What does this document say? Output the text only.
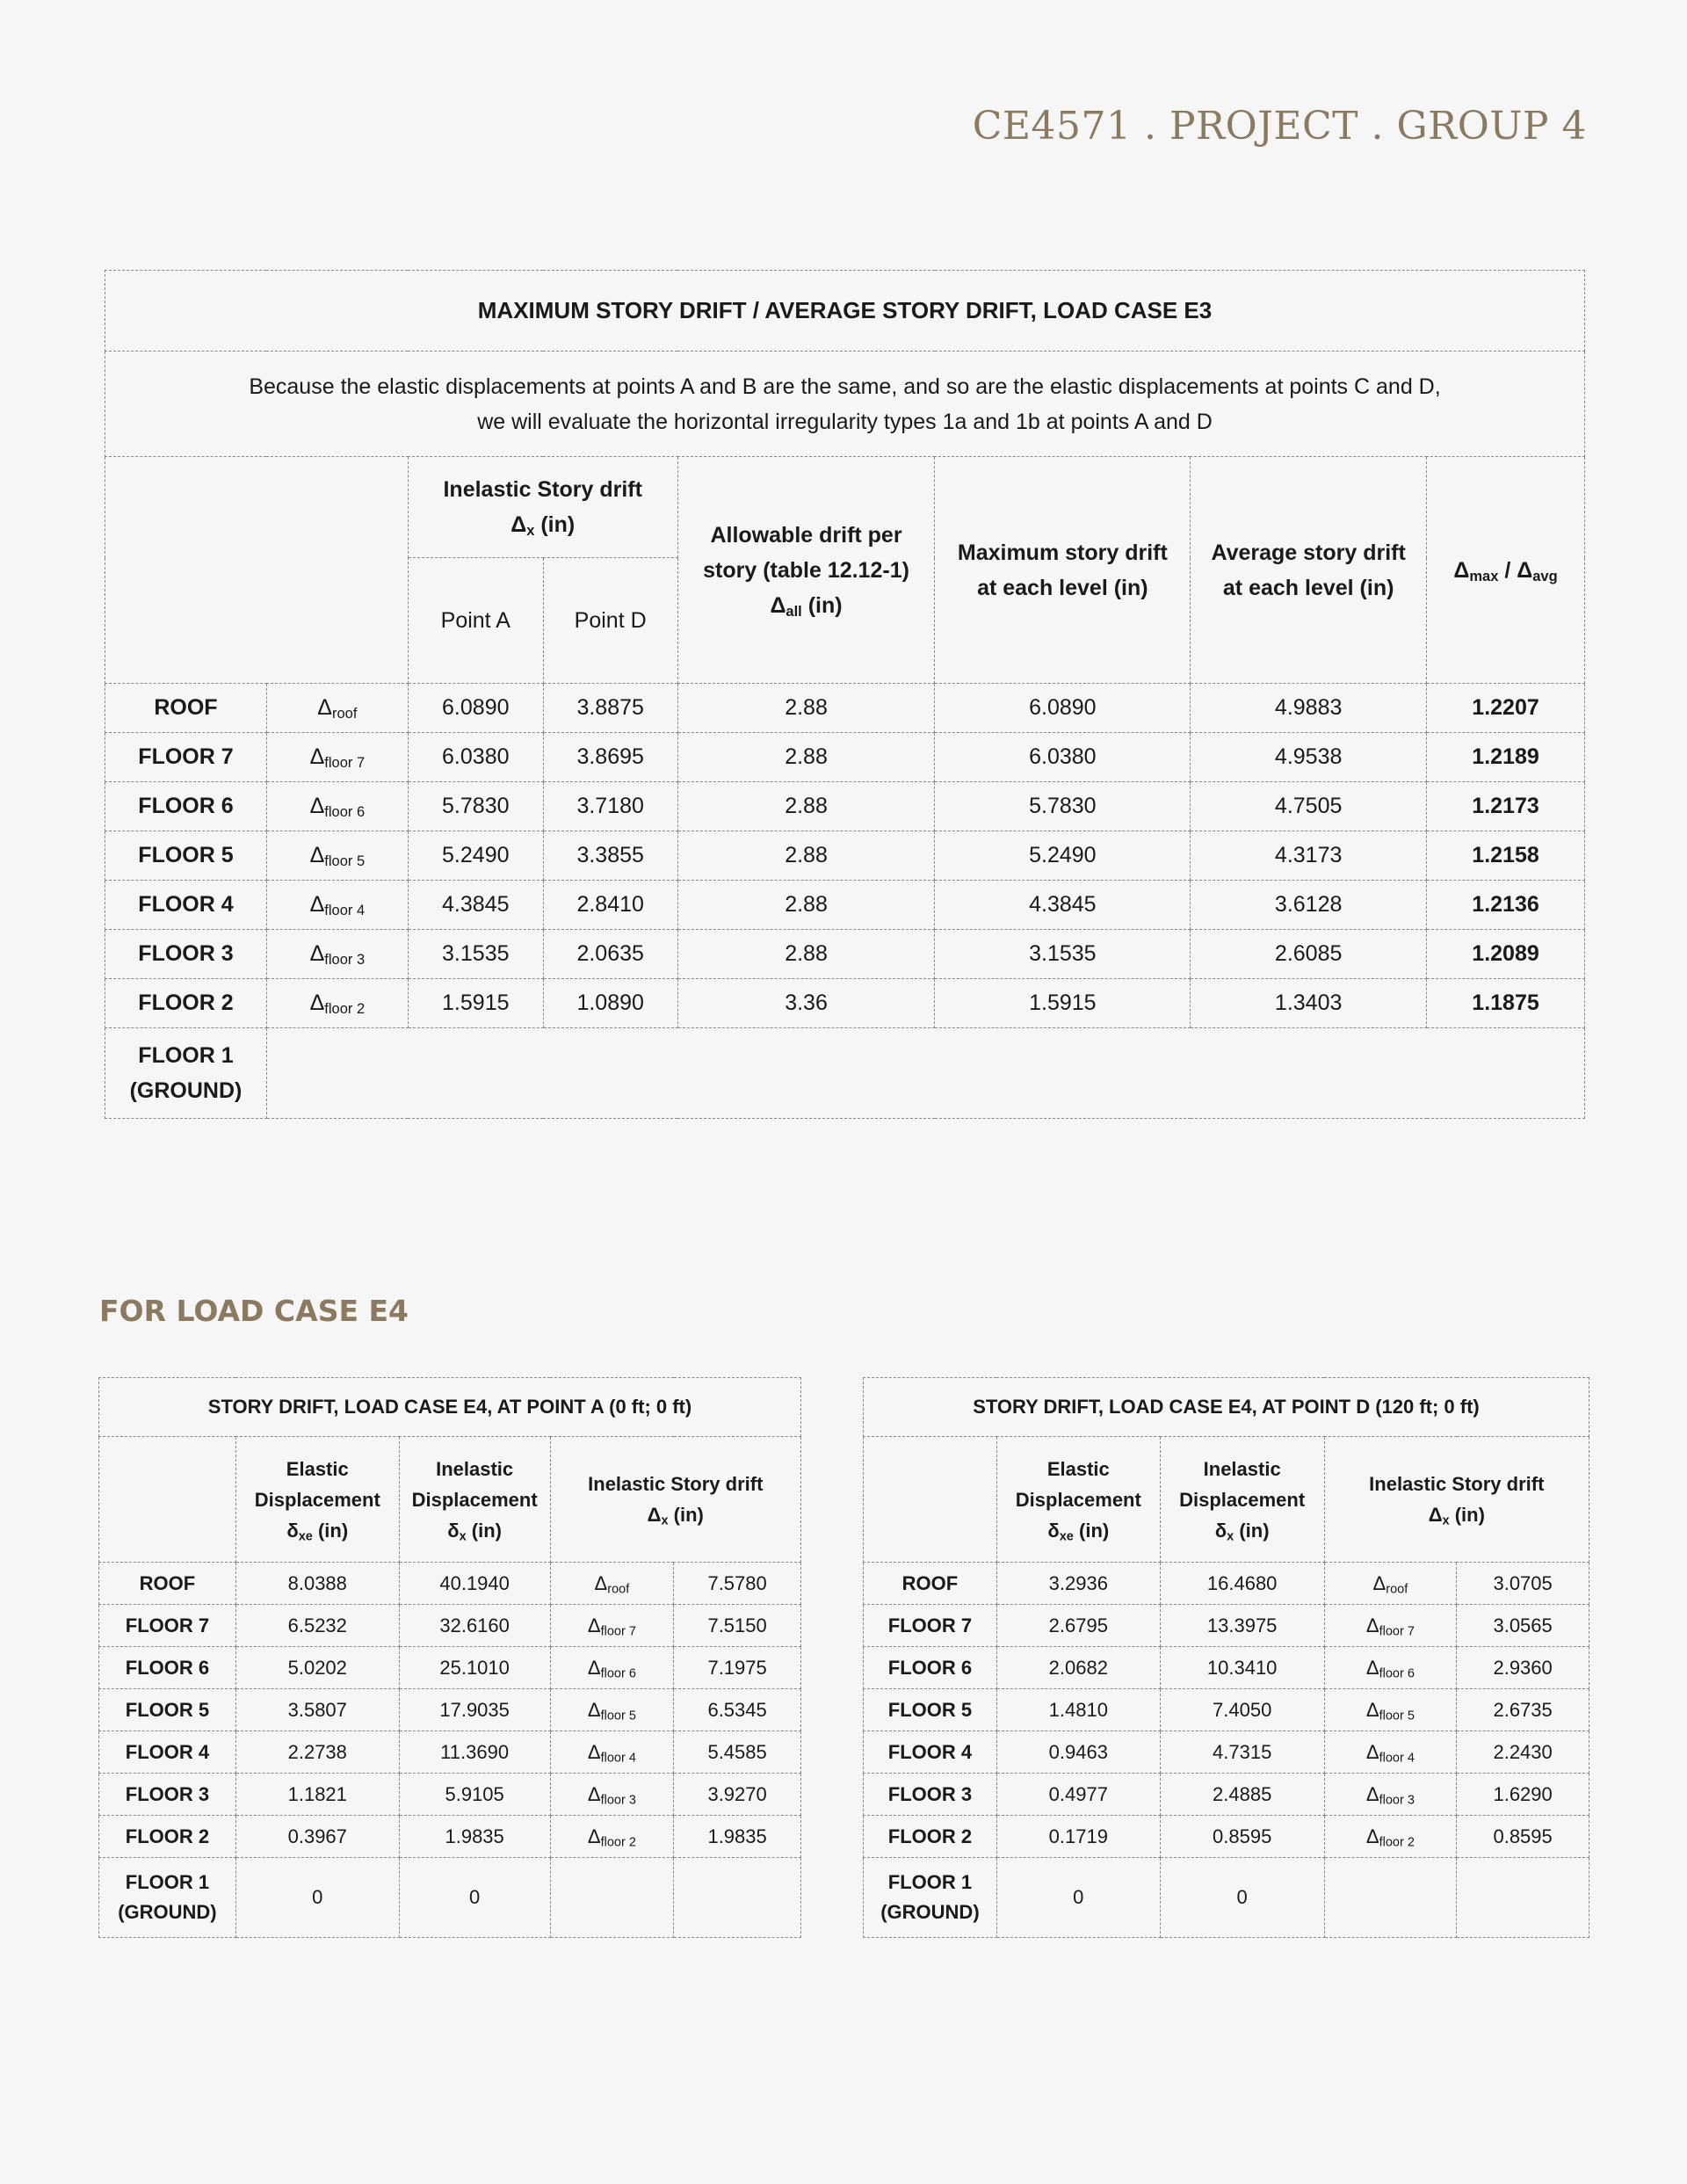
CE4571 . PROJECT . GROUP 4
MAXIMUM STORY DRIFT / AVERAGE STORY DRIFT, LOAD CASE E3							
Because the elastic displacements at points A and B are the same, and so are the elastic displacements at points C and D,
we will evaluate the horizontal irregularity types 1a and 1b at points A and D							
		Inelastic Story drift
$\Delta_x$ (in)		Allowable drift per
story (table 12.12-1)
$\Delta_{all}$ (in)	Maximum story drift
at each level (in)	Average story drift
at each level (in)	$\Delta_{max} / \Delta_{avg}$
		Point A	Point D				
ROOF	$\Delta_{roof}$	6.0890	3.8875	2.88	6.0890	4.9883	1.2207
FLOOR 7	$\Delta_{floor 7}$	6.0380	3.8695	2.88	6.0380	4.9538	1.2189
FLOOR 6	$\Delta_{floor 6}$	5.7830	3.7180	2.88	5.7830	4.7505	1.2173
FLOOR 5	$\Delta_{floor 5}$	5.2490	3.3855	2.88	5.2490	4.3173	1.2158
FLOOR 4	$\Delta_{floor 4}$	4.3845	2.8410	2.88	4.3845	3.6128	1.2136
FLOOR 3	$\Delta_{floor 3}$	3.1535	2.0635	2.88	3.1535	2.6085	1.2089
FLOOR 2	$\Delta_{floor 2}$	1.5915	1.0890	3.36	1.5915	1.3403	1.1875
FLOOR 1
(GROUND)							
FOR LOAD CASE E4
STORY DRIFT, LOAD CASE E4, AT POINT A (0 ft; 0 ft)				
	Elastic
Displacement
$\delta_{xe}$ (in)	Inelastic
Displacement
$\delta_x$ (in)	Inelastic Story drift
$\Delta_x$ (in)	
ROOF	8.0388	40.1940	$\Delta_{roof}$	7.5780
FLOOR 7	6.5232	32.6160	$\Delta_{floor 7}$	7.5150
FLOOR 6	5.0202	25.1010	$\Delta_{floor 6}$	7.1975
FLOOR 5	3.5807	17.9035	$\Delta_{floor 5}$	6.5345
FLOOR 4	2.2738	11.3690	$\Delta_{floor 4}$	5.4585
FLOOR 3	1.1821	5.9105	$\Delta_{floor 3}$	3.9270
FLOOR 2	0.3967	1.9835	$\Delta_{floor 2}$	1.9835
FLOOR 1
(GROUND)	0	0		
STORY DRIFT, LOAD CASE E4, AT POINT D (120 ft; 0 ft)				
	Elastic
Displacement
$\delta_{xe}$ (in)	Inelastic
Displacement
$\delta_x$ (in)	Inelastic Story drift
$\Delta_x$ (in)	
ROOF	3.2936	16.4680	$\Delta_{roof}$	3.0705
FLOOR 7	2.6795	13.3975	$\Delta_{floor 7}$	3.0565
FLOOR 6	2.0682	10.3410	$\Delta_{floor 6}$	2.9360
FLOOR 5	1.4810	7.4050	$\Delta_{floor 5}$	2.6735
FLOOR 4	0.9463	4.7315	$\Delta_{floor 4}$	2.2430
FLOOR 3	0.4977	2.4885	$\Delta_{floor 3}$	1.6290
FLOOR 2	0.1719	0.8595	$\Delta_{floor 2}$	0.8595
FLOOR 1
(GROUND)	0	0		
